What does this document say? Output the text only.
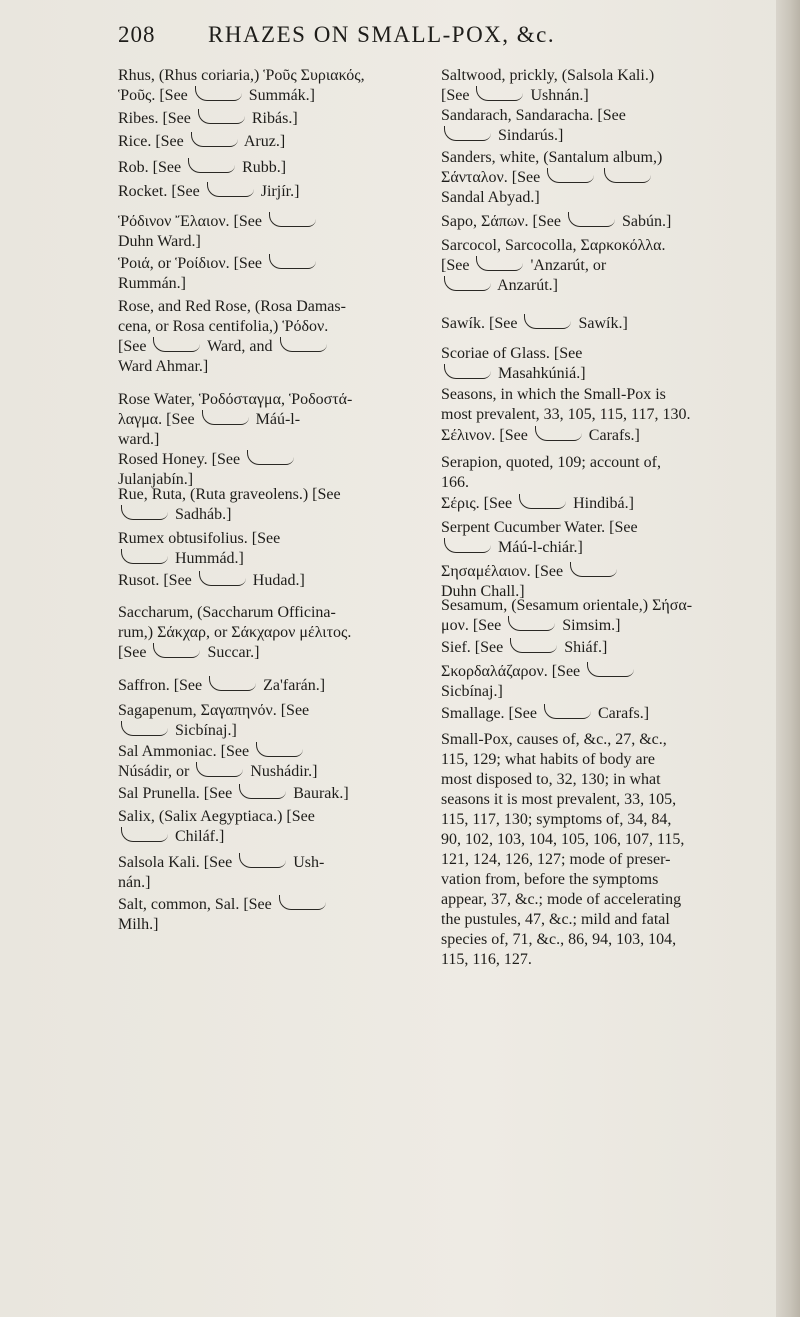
208 RHAZES ON SMALL-POX, &c.
Rhus, (Rhus coriaria,) Ῥοῦς Συριακός,
Ῥοῦς. [See	Summák.]
Ribes. [See	Ribás.]
Rice. [See	Aruz.]
Rob. [See	Rubb.]
Rocket. [See	Jirjír.]
Ῥόδινον Ἔλαιον. [See
Duhn Ward.]
Ῥοιά, or Ῥοίδιον. [See
Rummán.]
Rose, and Red Rose, (Rosa Damas-
cena, or Rosa centifolia,) Ῥόδον.
[See	Ward, and
Ward Ahmar.]
Rose Water, Ῥοδόσταγμα, Ῥοδοστά-
λαγμα. [See	Máú-l-
ward.]
Rosed Honey. [See
Julanjabín.]
Rue, Ruta, (Ruta graveolens.) [See
Sadháb.]
Rumex obtusifolius. [See
Hummád.]
Rusot. [See	Hudad.]
Saccharum, (Saccharum Officina-
rum,) Σάκχαρ, or Σάκχαρον μέλιτος.
[See	Succar.]
Saffron. [See	Za'farán.]
Sagapenum, Σαγαπηνόν. [See
Sicbínaj.]
Sal Ammoniac. [See
Núsádir, or	Nushádir.]
Sal Prunella. [See	Baurak.]
Salix, (Salix Aegyptiaca.) [See
Chiláf.]
Salsola Kali. [See	Ush-
nán.]
Salt, common, Sal. [See
Milh.]
Saltwood, prickly, (Salsola Kali.)
[See	Ushnán.]
Sandarach, Sandaracha. [See
Sindarús.]
Sanders, white, (Santalum album,)
Σάνταλον. [See
Sandal Abyad.]
Sapo, Σάπων. [See	Sabún.]
Sarcocol, Sarcocolla, Σαρκοκόλλα.
[See	'Anzarút, or
Anzarút.]
Sawík. [See	Sawík.]
Scoriae of Glass. [See
Masahkúniá.]
Seasons, in which the Small-Pox is
most prevalent, 33, 105, 115, 117, 130.
Σέλινον. [See	Carafs.]
Serapion, quoted, 109; account of,
166.
Σέρις. [See	Hindibá.]
Serpent Cucumber Water. [See
Máú-l-chiár.]
Σησαμέλαιον. [See
Duhn Chall.]
Sesamum, (Sesamum orientale,) Σήσα-
μον. [See	Simsim.]
Sief. [See	Shiáf.]
Σκορδαλάζαρον. [See
Sicbínaj.]
Smallage. [See	Carafs.]
Small-Pox, causes of, &c., 27, &c.,
115, 129; what habits of body are
most disposed to, 32, 130; in what
seasons it is most prevalent, 33, 105,
115, 117, 130; symptoms of, 34, 84,
90, 102, 103, 104, 105, 106, 107, 115,
121, 124, 126, 127; mode of preser-
vation from, before the symptoms
appear, 37, &c.; mode of accelerating
the pustules, 47, &c.; mild and fatal
species of, 71, &c., 86, 94, 103, 104,
115, 116, 127.
